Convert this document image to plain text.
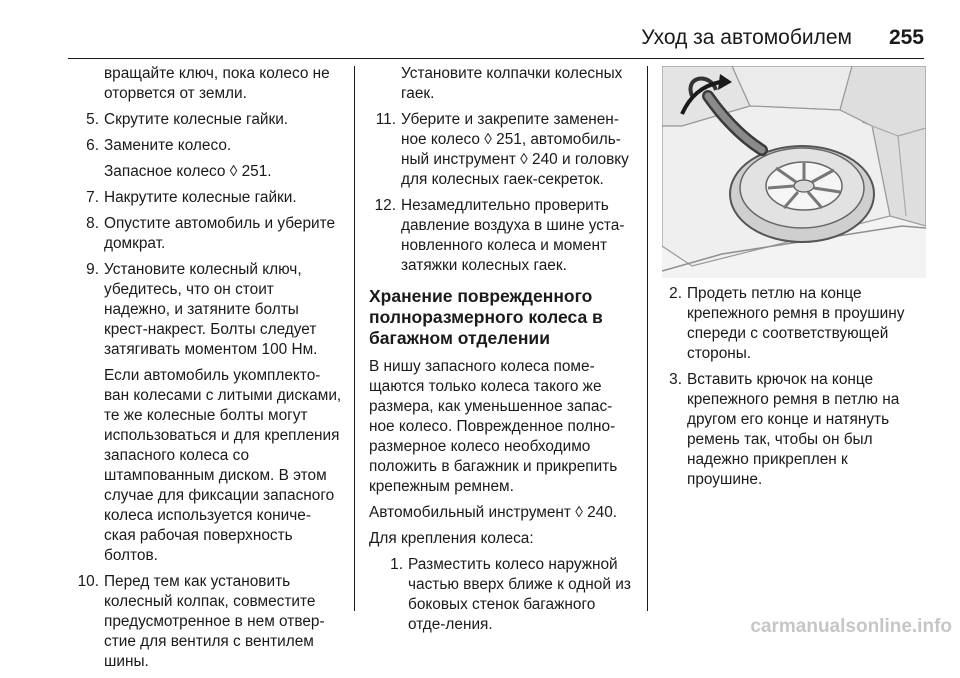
Уход за автомобилем 255
вращайте ключ, пока колесо не оторвется от земли.
5. Скрутите колесные гайки.
6. Замените колесо.
Запасное колесо ◊ 251.
7. Накрутите колесные гайки.
8. Опустите автомобиль и уберите домкрат.
9. Установите колесный ключ, убедитесь, что он стоит надежно, и затяните болты крест-накрест. Болты следует затягивать моментом 100 Нм.
Если автомобиль укомплекто-ван колесами с литыми дисками, те же колесные болты могут использоваться и для крепления запасного колеса со штампованным диском. В этом случае для фиксации запасного колеса используется кониче-ская рабочая поверхность болтов.
10. Перед тем как установить колесный колпак, совместите предусмотренное в нем отвер-стие для вентиля с вентилем шины.
Установите колпачки колесных гаек.
11. Уберите и закрепите заменен-ное колесо ◊ 251, автомобиль-ный инструмент ◊ 240 и головку для колесных гаек-секреток.
12. Незамедлительно проверить давление воздуха в шине уста-новленного колеса и момент затяжки колесных гаек.
Хранение поврежденного полноразмерного колеса в багажном отделении

В нишу запасного колеса поме-щаются только колеса такого же размера, как уменьшенное запас-ное колесо. Поврежденное полно-размерное колесо необходимо положить в багажник и прикрепить крепежным ремнем.

Автомобильный инструмент ◊ 240.

Для крепления колеса:

1. Разместить колесо наружной частью вверх ближе к одной из боковых стенок багажного отде-ления.
2. Продеть петлю на конце крепежного ремня в проушину спереди с соответствующей стороны.
3. Вставить крючок на конце крепежного ремня в петлю на другом его конце и натянуть ремень так, чтобы он был надежно прикреплен к проушине.
carmanualsonline.info
